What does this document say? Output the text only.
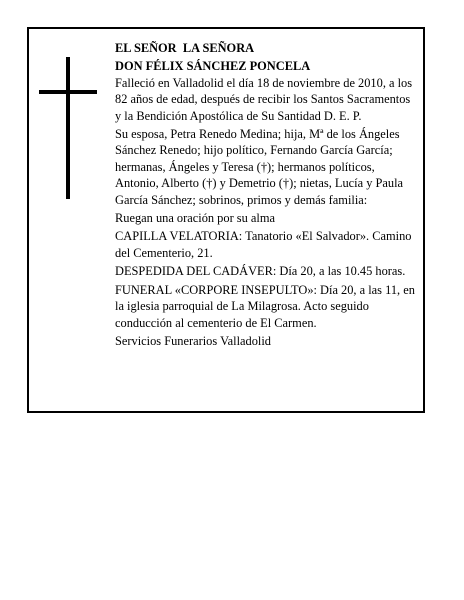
EL SEÑOR  LA SEÑORA

DON FÉLIX SÁNCHEZ PONCELA

Falleció en Valladolid el día 18 de noviembre de 2010, a los 82 años de edad, después de recibir los Santos Sacramentos y la Bendición Apostólica de Su Santidad D. E. P.

Su esposa, Petra Renedo Medina; hija, Mª de los Ángeles Sánchez Renedo; hijo político, Fernando García García; hermanas, Ángeles y Teresa (†); hermanos políticos, Antonio, Alberto (†) y Demetrio (†); nietas, Lucía y Paula García Sánchez; sobrinos, primos y demás familia:

Ruegan una oración por su alma

CAPILLA VELATORIA: Tanatorio «El Salvador». Camino del Cementerio, 21.

DESPEDIDA DEL CADÁVER: Día 20, a las 10.45 horas.

FUNERAL «CORPORE INSEPULTO»: Día 20, a las 11, en la iglesia parroquial de La Milagrosa. Acto seguido conducción al cementerio de El Carmen.

Servicios Funerarios Valladolid
